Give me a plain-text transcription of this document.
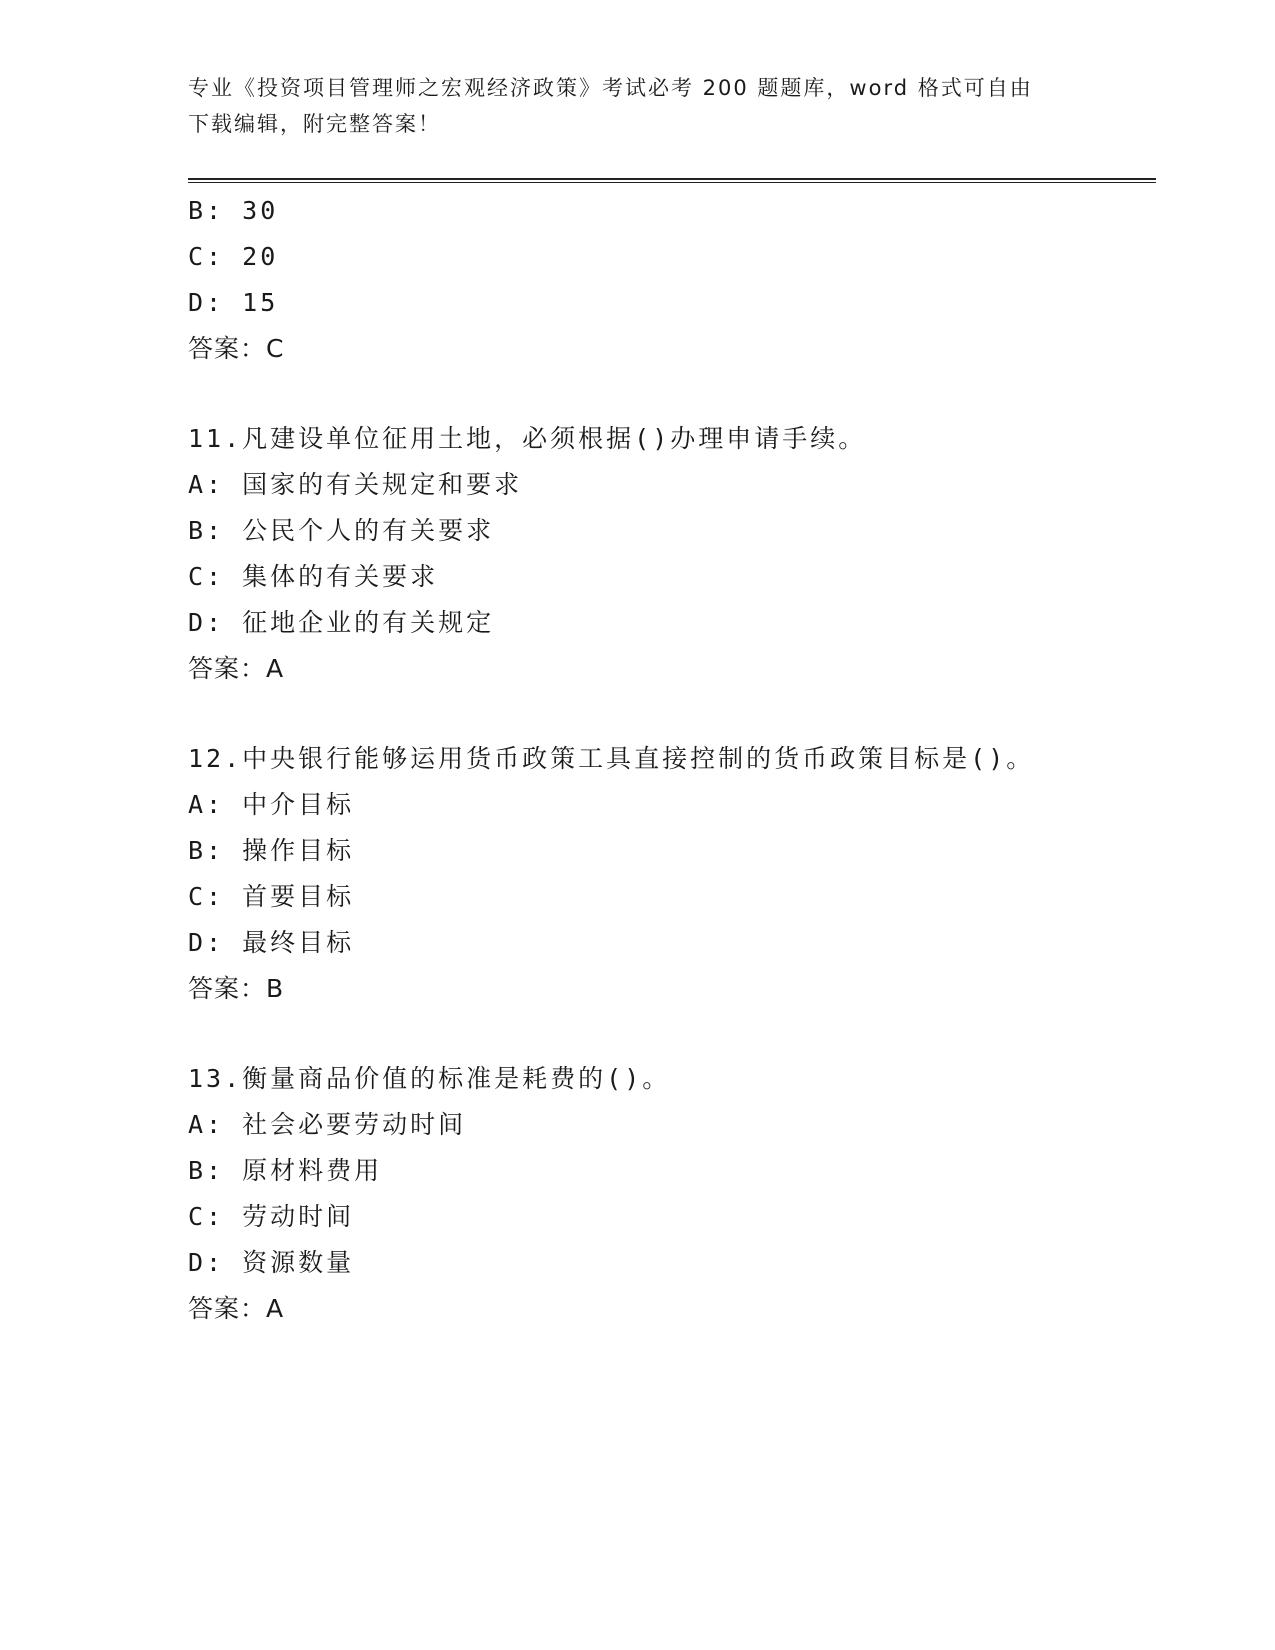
专业《投资项目管理师之宏观经济政策》考试必考 200 题题库，word 格式可自由
下载编辑，附完整答案！
B: 30
C: 20
D: 15
答案：C
11.凡建设单位征用土地，必须根据()办理申请手续。
A: 国家的有关规定和要求
B: 公民个人的有关要求
C: 集体的有关要求
D: 征地企业的有关规定
答案：A
12.中央银行能够运用货币政策工具直接控制的货币政策目标是()。
A: 中介目标
B: 操作目标
C: 首要目标
D: 最终目标
答案：B
13.衡量商品价值的标准是耗费的()。
A: 社会必要劳动时间
B: 原材料费用
C: 劳动时间
D: 资源数量
答案：A
